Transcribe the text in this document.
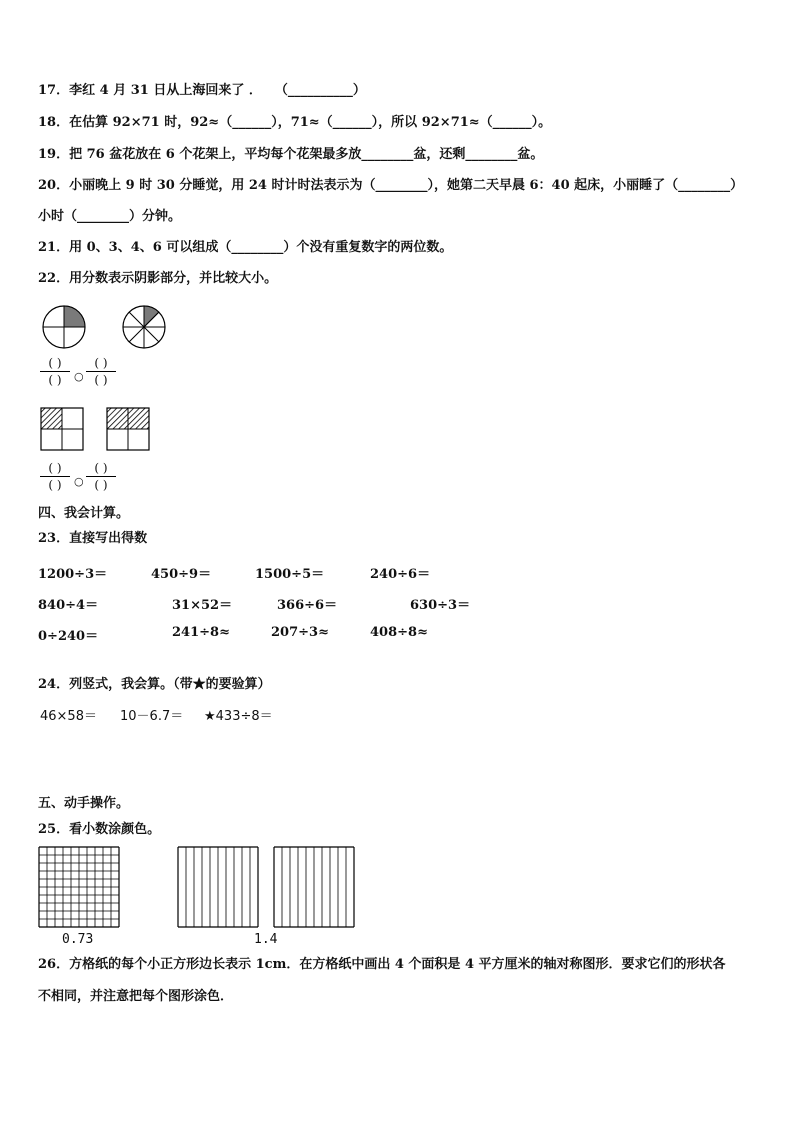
17．李红 4 月 31 日从上海回来了 ．　　（__________）
18．在估算 92×71 时，92≈（______），71≈（______），所以 92×71≈（______）。
19．把 76 盆花放在 6 个花架上，平均每个花架最多放________盆，还剩________盆。
20．小丽晚上 9 时 30 分睡觉，用 24 时计时法表示为（________），她第二天早晨 6：40 起床，小丽睡了（________）
小时（________）分钟。
21．用 0、3、4、6 可以组成（________）个没有重复数字的两位数。
22．用分数表示阴影部分，并比较大小。
( )
( )	○
( )
( )
( )
( )	○
( )
( )
四、我会计算。
23．直接写出得数
1200÷3＝	450÷9＝	1500÷5＝	240÷6＝
840÷4＝	31×52＝	366÷6＝	630÷3＝
0÷240＝	241÷8≈	207÷3≈	408÷8≈
24．列竖式，我会算。（带★的要验算）
46×58＝ 10－6.7＝ ★433÷8＝
五、动手操作。
25．看小数涂颜色。
0.73	1.4
26．方格纸的每个小正方形边长表示 1cm．在方格纸中画出 4 个面积是 4 平方厘米的轴对称图形．要求它们的形状各
不相同，并注意把每个图形涂色．
